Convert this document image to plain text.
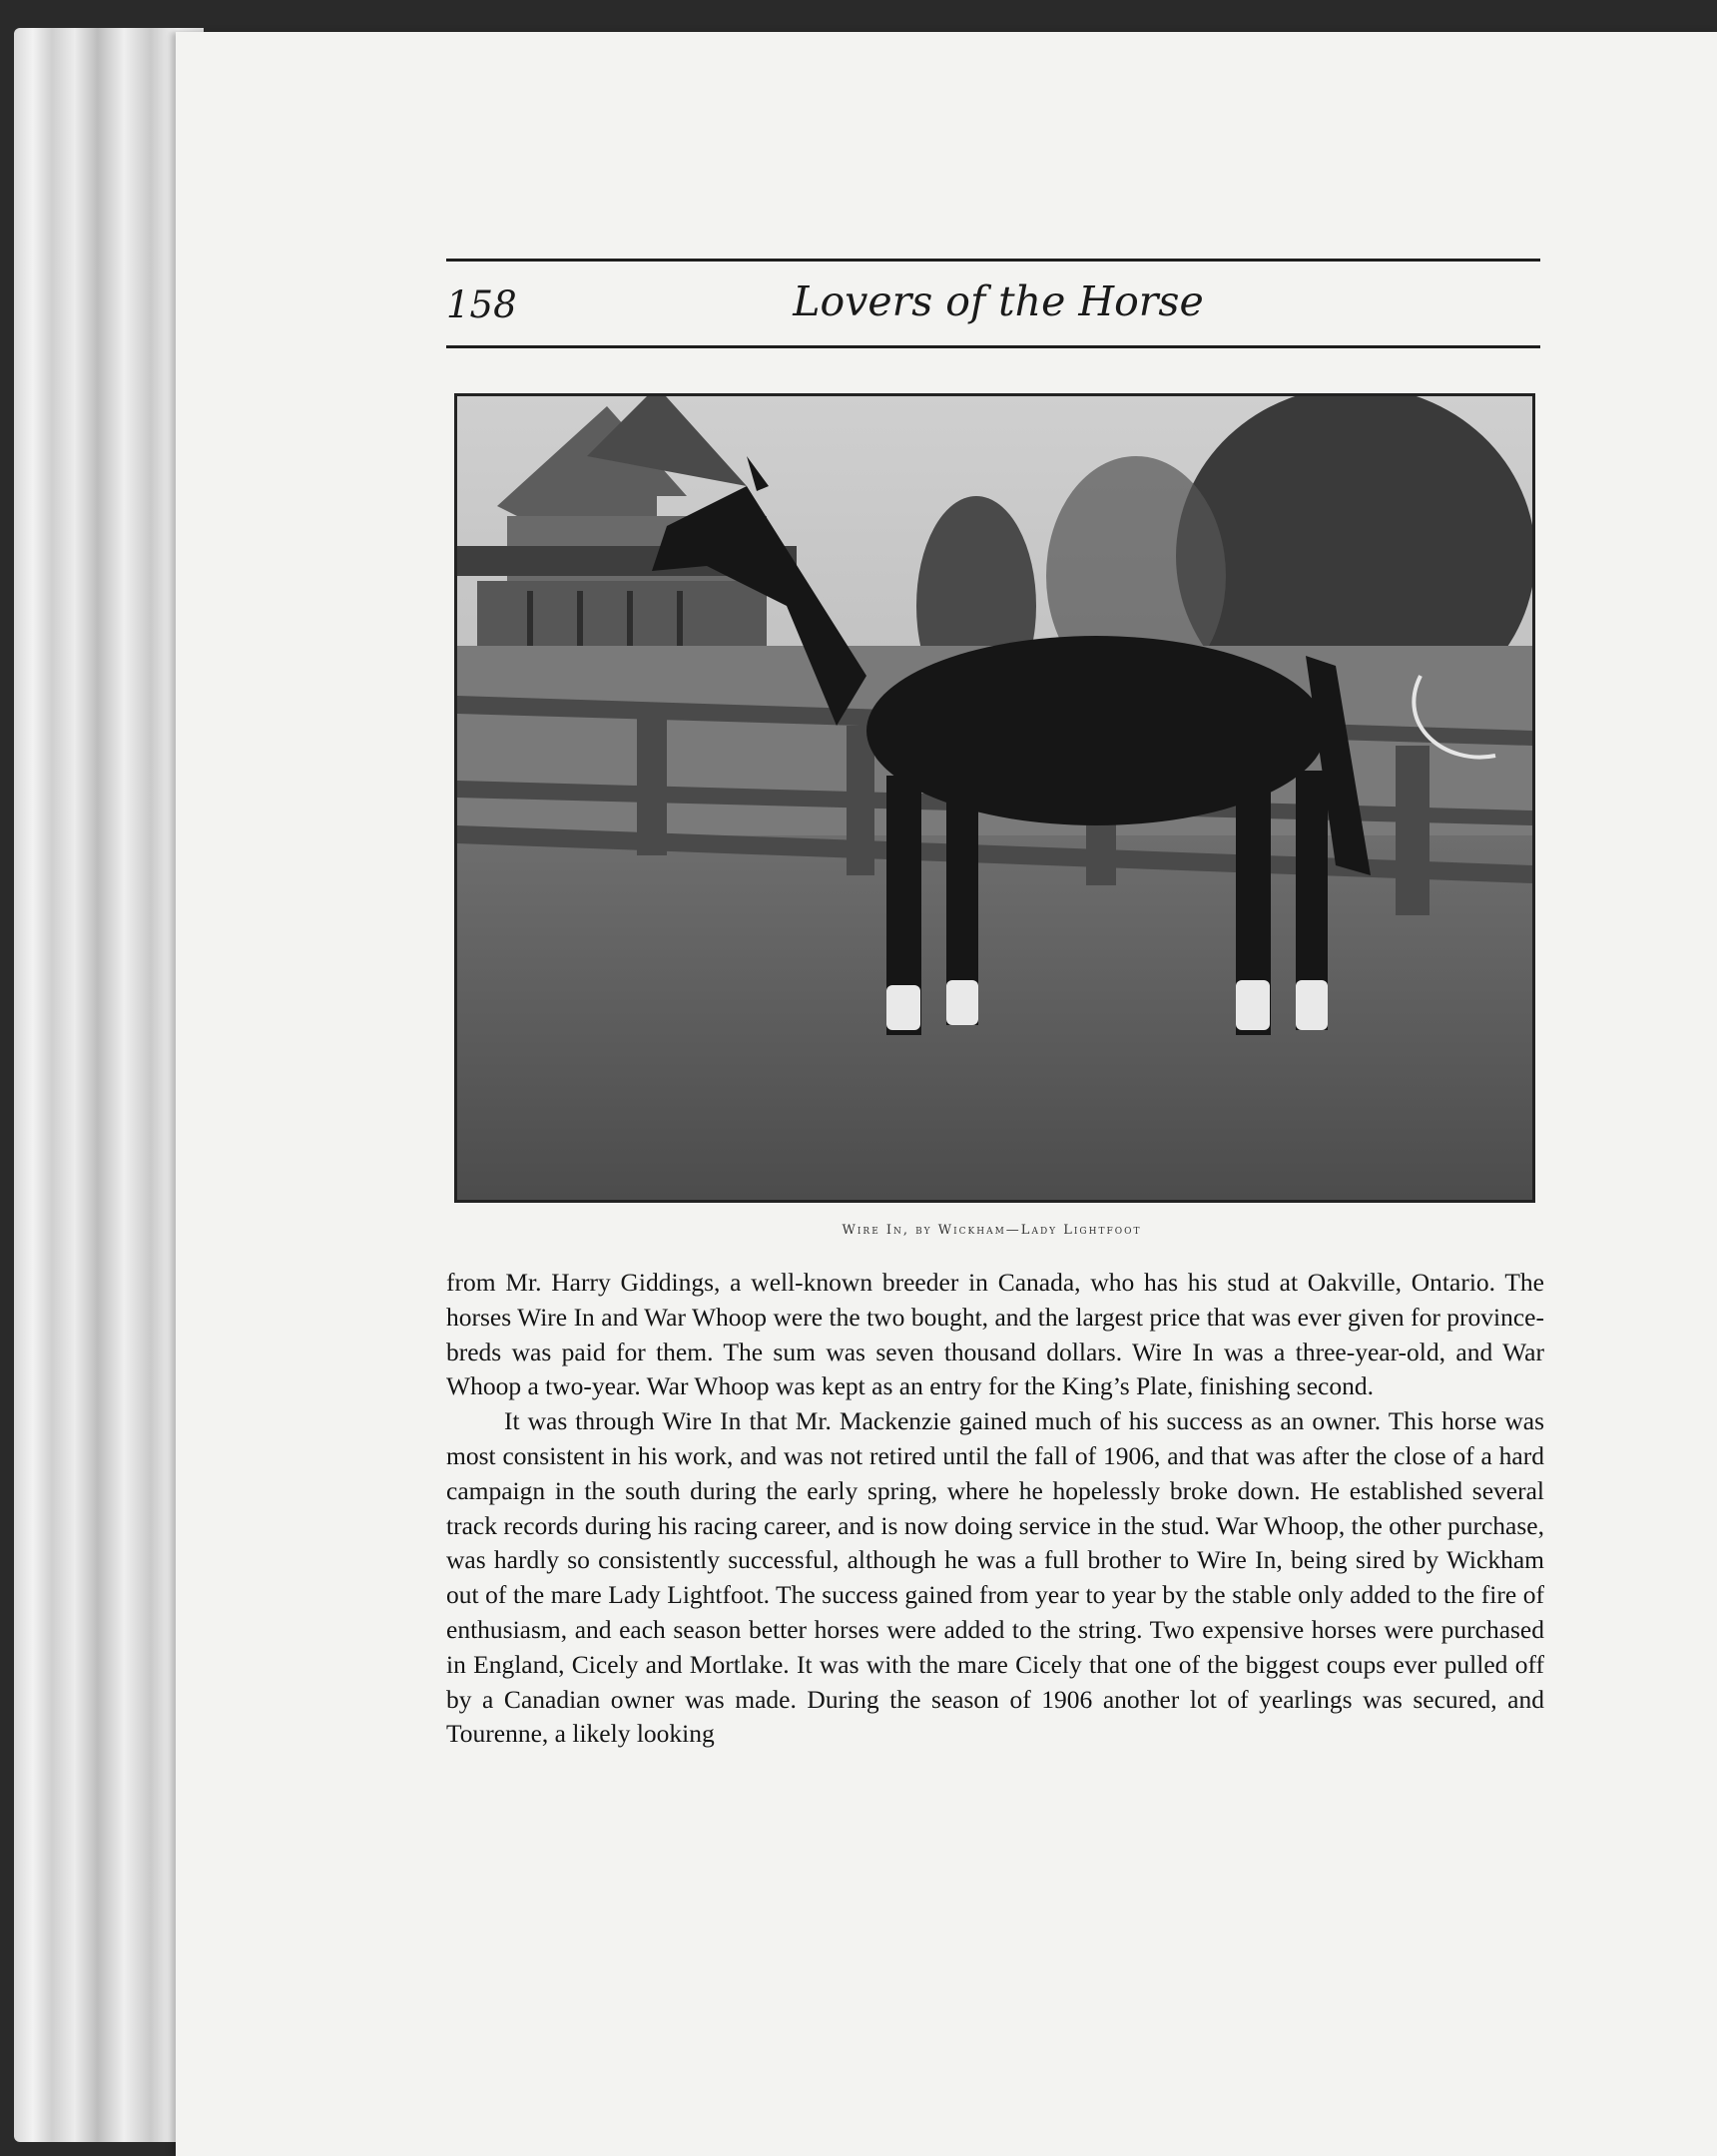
158	Lovers of the Horse
Wire In, by Wickham—Lady Lightfoot

from Mr. Harry Giddings, a well-known breeder in Canada, who has his stud at Oakville, Ontario. The horses Wire In and War Whoop were the two bought, and the largest price that was ever given for province-breds was paid for them. The sum was seven thousand dollars. Wire In was a three-year-old, and War Whoop a two-year. War Whoop was kept as an entry for the King’s Plate, finishing second.

It was through Wire In that Mr. Mackenzie gained much of his success as an owner. This horse was most consistent in his work, and was not retired until the fall of 1906, and that was after the close of a hard campaign in the south during the early spring, where he hopelessly broke down. He established several track records during his racing career, and is now doing service in the stud. War Whoop, the other purchase, was hardly so consistently successful, although he was a full brother to Wire In, being sired by Wickham out of the mare Lady Lightfoot. The success gained from year to year by the stable only added to the fire of enthusiasm, and each season better horses were added to the string. Two expensive horses were purchased in England, Cicely and Mortlake. It was with the mare Cicely that one of the biggest coups ever pulled off by a Canadian owner was made. During the season of 1906 another lot of yearlings was secured, and Tourenne, a likely looking
